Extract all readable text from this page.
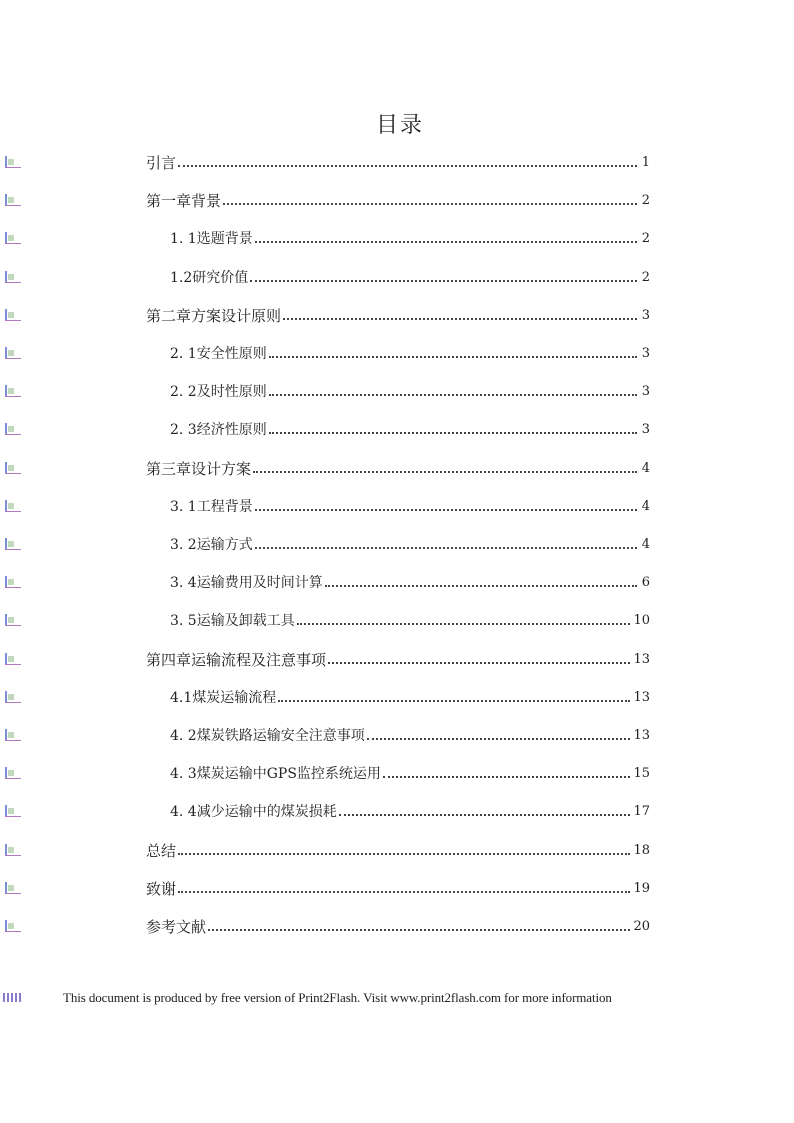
目录
引言	1
第一章背景	2
1. 1选题背景	2
1.2研究价值	2
第二章方案设计原则	3
2. 1安全性原则	3
2. 2及时性原则	3
2. 3经济性原则	3
第三章设计方案	4
3. 1工程背景	4
3. 2运输方式	4
3. 4运输费用及时间计算	6
3. 5运输及卸载工具	10
第四章运输流程及注意事项	13
4.1煤炭运输流程	13
4. 2煤炭铁路运输安全注意事项	13
4. 3煤炭运输中GPS监控系统运用	15
4. 4减少运输中的煤炭损耗	17
总结	18
致谢	19
参考文献	20
This document is produced by free version of Print2Flash. Visit www.print2flash.com for more information
